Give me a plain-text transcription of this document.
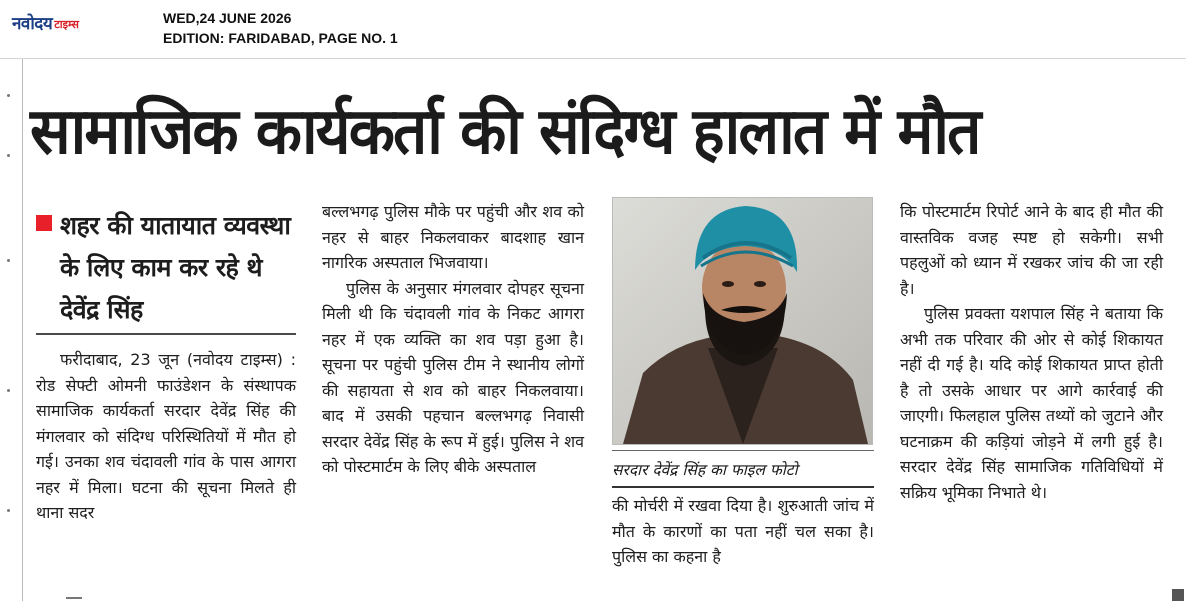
नवोदय टाइम्स	WED,24 JUNE 2026
EDITION: FARIDABAD, PAGE NO. 1
सामाजिक कार्यकर्ता की संदिग्ध हालात में मौत
शहर की यातायात व्यवस्था के लिए काम कर रहे थे देवेंद्र सिंह

फरीदाबाद, 23 जून (नवोदय टाइम्स) : रोड सेफ्टी ओमनी फाउंडेशन के संस्थापक सामाजिक कार्यकर्ता सरदार देवेंद्र सिंह की मंगलवार को संदिग्ध परिस्थितियों में मौत हो गई। उनका शव चंदावली गांव के पास आगरा नहर में मिला। घटना की सूचना मिलते ही थाना सदर

बल्लभगढ़ पुलिस मौके पर पहुंची और शव को नहर से बाहर निकलवाकर बादशाह खान नागरिक अस्पताल भिजवाया।

पुलिस के अनुसार मंगलवार दोपहर सूचना मिली थी कि चंदावली गांव के निकट आगरा नहर में एक व्यक्ति का शव पड़ा हुआ है। सूचना पर पहुंची पुलिस टीम ने स्थानीय लोगों की सहायता से शव को बाहर निकलवाया। बाद में उसकी पहचान बल्लभगढ़ निवासी सरदार देवेंद्र सिंह के रूप में हुई। पुलिस ने शव को पोस्टमार्टम के लिए बीके अस्पताल	सरदार देवेंद्र सिंह का फाइल फोटो

की मोर्चरी में रखवा दिया है। शुरुआती जांच में मौत के कारणों का पता नहीं चल सका है। पुलिस का कहना है

कि पोस्टमार्टम रिपोर्ट आने के बाद ही मौत की वास्तविक वजह स्पष्ट हो सकेगी। सभी पहलुओं को ध्यान में रखकर जांच की जा रही है।

पुलिस प्रवक्ता यशपाल सिंह ने बताया कि अभी तक परिवार की ओर से कोई शिकायत नहीं दी गई है। यदि कोई शिकायत प्राप्त होती है तो उसके आधार पर आगे कार्रवाई की जाएगी। फिलहाल पुलिस तथ्यों को जुटाने और घटनाक्रम की कड़ियां जोड़ने में लगी हुई है। सरदार देवेंद्र सिंह सामाजिक गतिविधियों में सक्रिय भूमिका निभाते थे।
